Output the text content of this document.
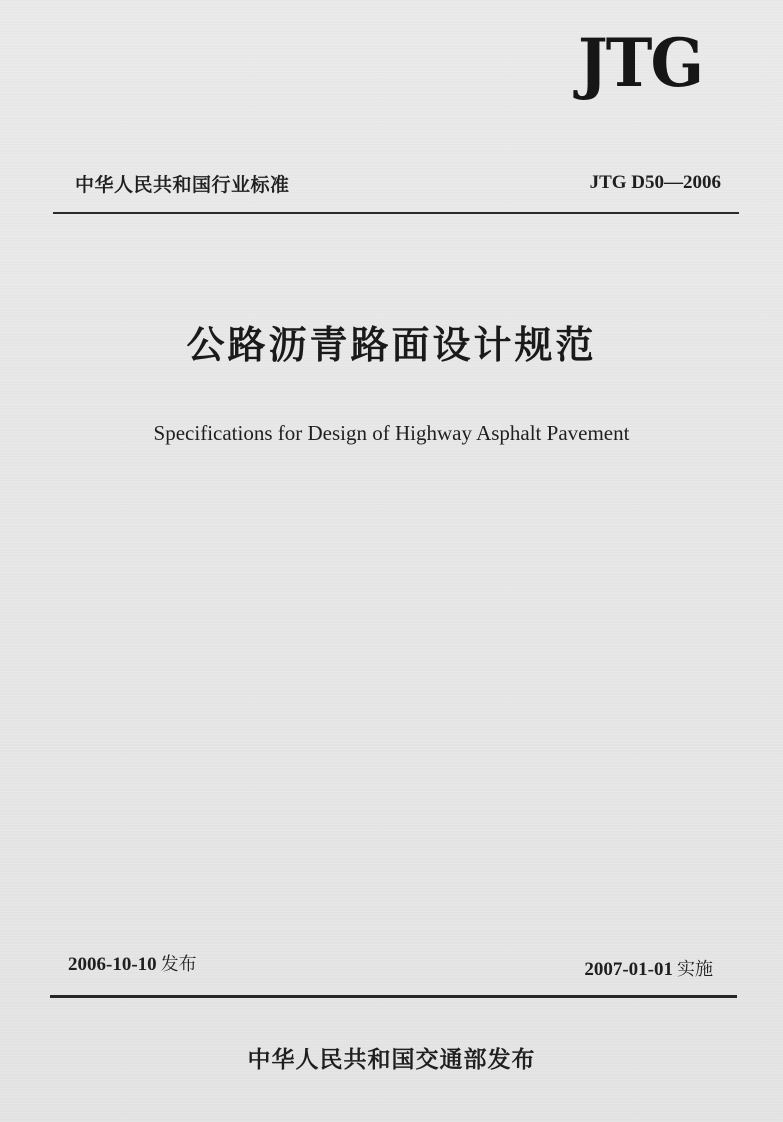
JTG
中华人民共和国行业标准	JTG D50—2006
公路沥青路面设计规范
Specifications for Design of Highway Asphalt Pavement
2006-10-10 发布	2007-01-01 实施
中华人民共和国交通部发布
